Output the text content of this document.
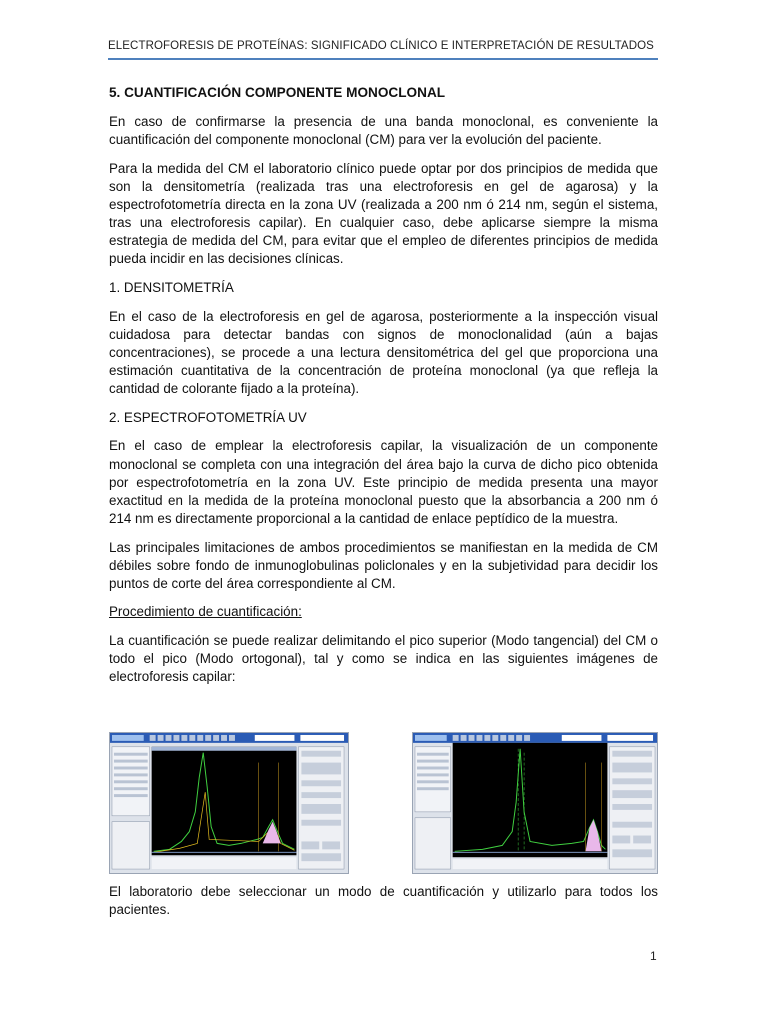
ELECTROFORESIS DE PROTEÍNAS: SIGNIFICADO CLÍNICO E INTERPRETACIÓN DE RESULTADOS
5. CUANTIFICACIÓN COMPONENTE MONOCLONAL

En caso de confirmarse la presencia de una banda monoclonal, es conveniente la cuantificación del componente monoclonal (CM) para ver la evolución del paciente.

Para la medida del CM el laboratorio clínico puede optar por dos principios de medida que son la densitometría (realizada tras una electroforesis en gel de agarosa) y la espectrofotometría directa en la zona UV (realizada a 200 nm ó 214 nm, según el sistema, tras una electroforesis capilar). En cualquier caso, debe aplicarse siempre la misma estrategia de medida del CM, para evitar que el empleo de diferentes principios de medida pueda incidir en las decisiones clínicas.

1. DENSITOMETRÍA

En el caso de la electroforesis en gel de agarosa, posteriormente a la inspección visual cuidadosa para detectar bandas con signos de monoclonalidad (aún a bajas concentraciones), se procede a una lectura densitométrica del gel que proporciona una estimación cuantitativa de la concentración de proteína monoclonal (ya que refleja la cantidad de colorante fijado a la proteína).

2. ESPECTROFOTOMETRÍA UV

En el caso de emplear la electroforesis capilar, la visualización de un componente monoclonal se completa con una integración del área bajo la curva de dicho pico obtenida por espectrofotometría en la zona UV. Este principio de medida presenta una mayor exactitud en la medida de la proteína monoclonal puesto que la absorbancia a 200 nm ó 214 nm es directamente proporcional a la cantidad de enlace peptídico de la muestra.

Las principales limitaciones de ambos procedimientos se manifiestan en la medida de CM débiles sobre fondo de inmunoglobulinas policlonales y en la subjetividad para decidir los puntos de corte del área correspondiente al CM.

Procedimiento de cuantificación:

La cuantificación se puede realizar delimitando el pico superior (Modo tangencial) del CM o todo el pico (Modo ortogonal), tal y como se indica en las siguientes imágenes de electroforesis capilar:

El laboratorio debe seleccionar un modo de cuantificación y utilizarlo para todos los pacientes.

1
